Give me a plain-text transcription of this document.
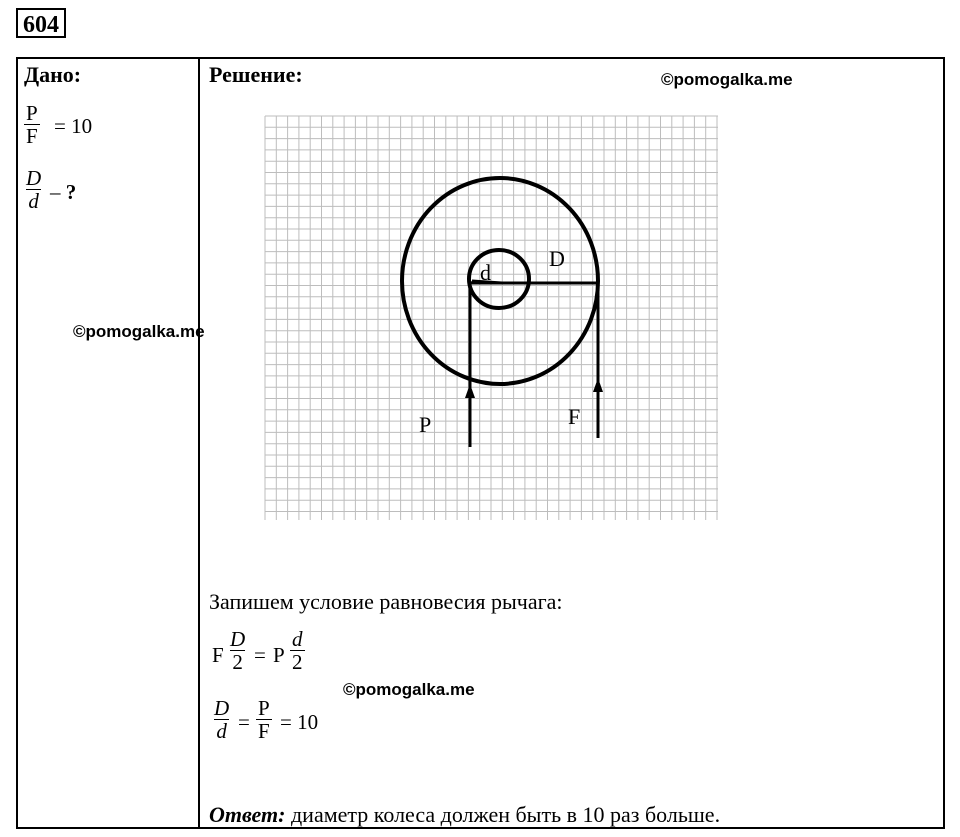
604
Дано:
$\frac{P}{F} = 10$
$\frac{D}{d}$ – ?
©pomogalka.me
Решение:	©pomogalka.me
d
D
P	F
Запишем условие равновесия рычага:
F $\frac{D}{2} = P \frac{d}{2}$
©pomogalka.me
$\frac{D}{d} = \frac{P}{F} = 10$
Ответ: диаметр колеса должен быть в 10 раз больше.
